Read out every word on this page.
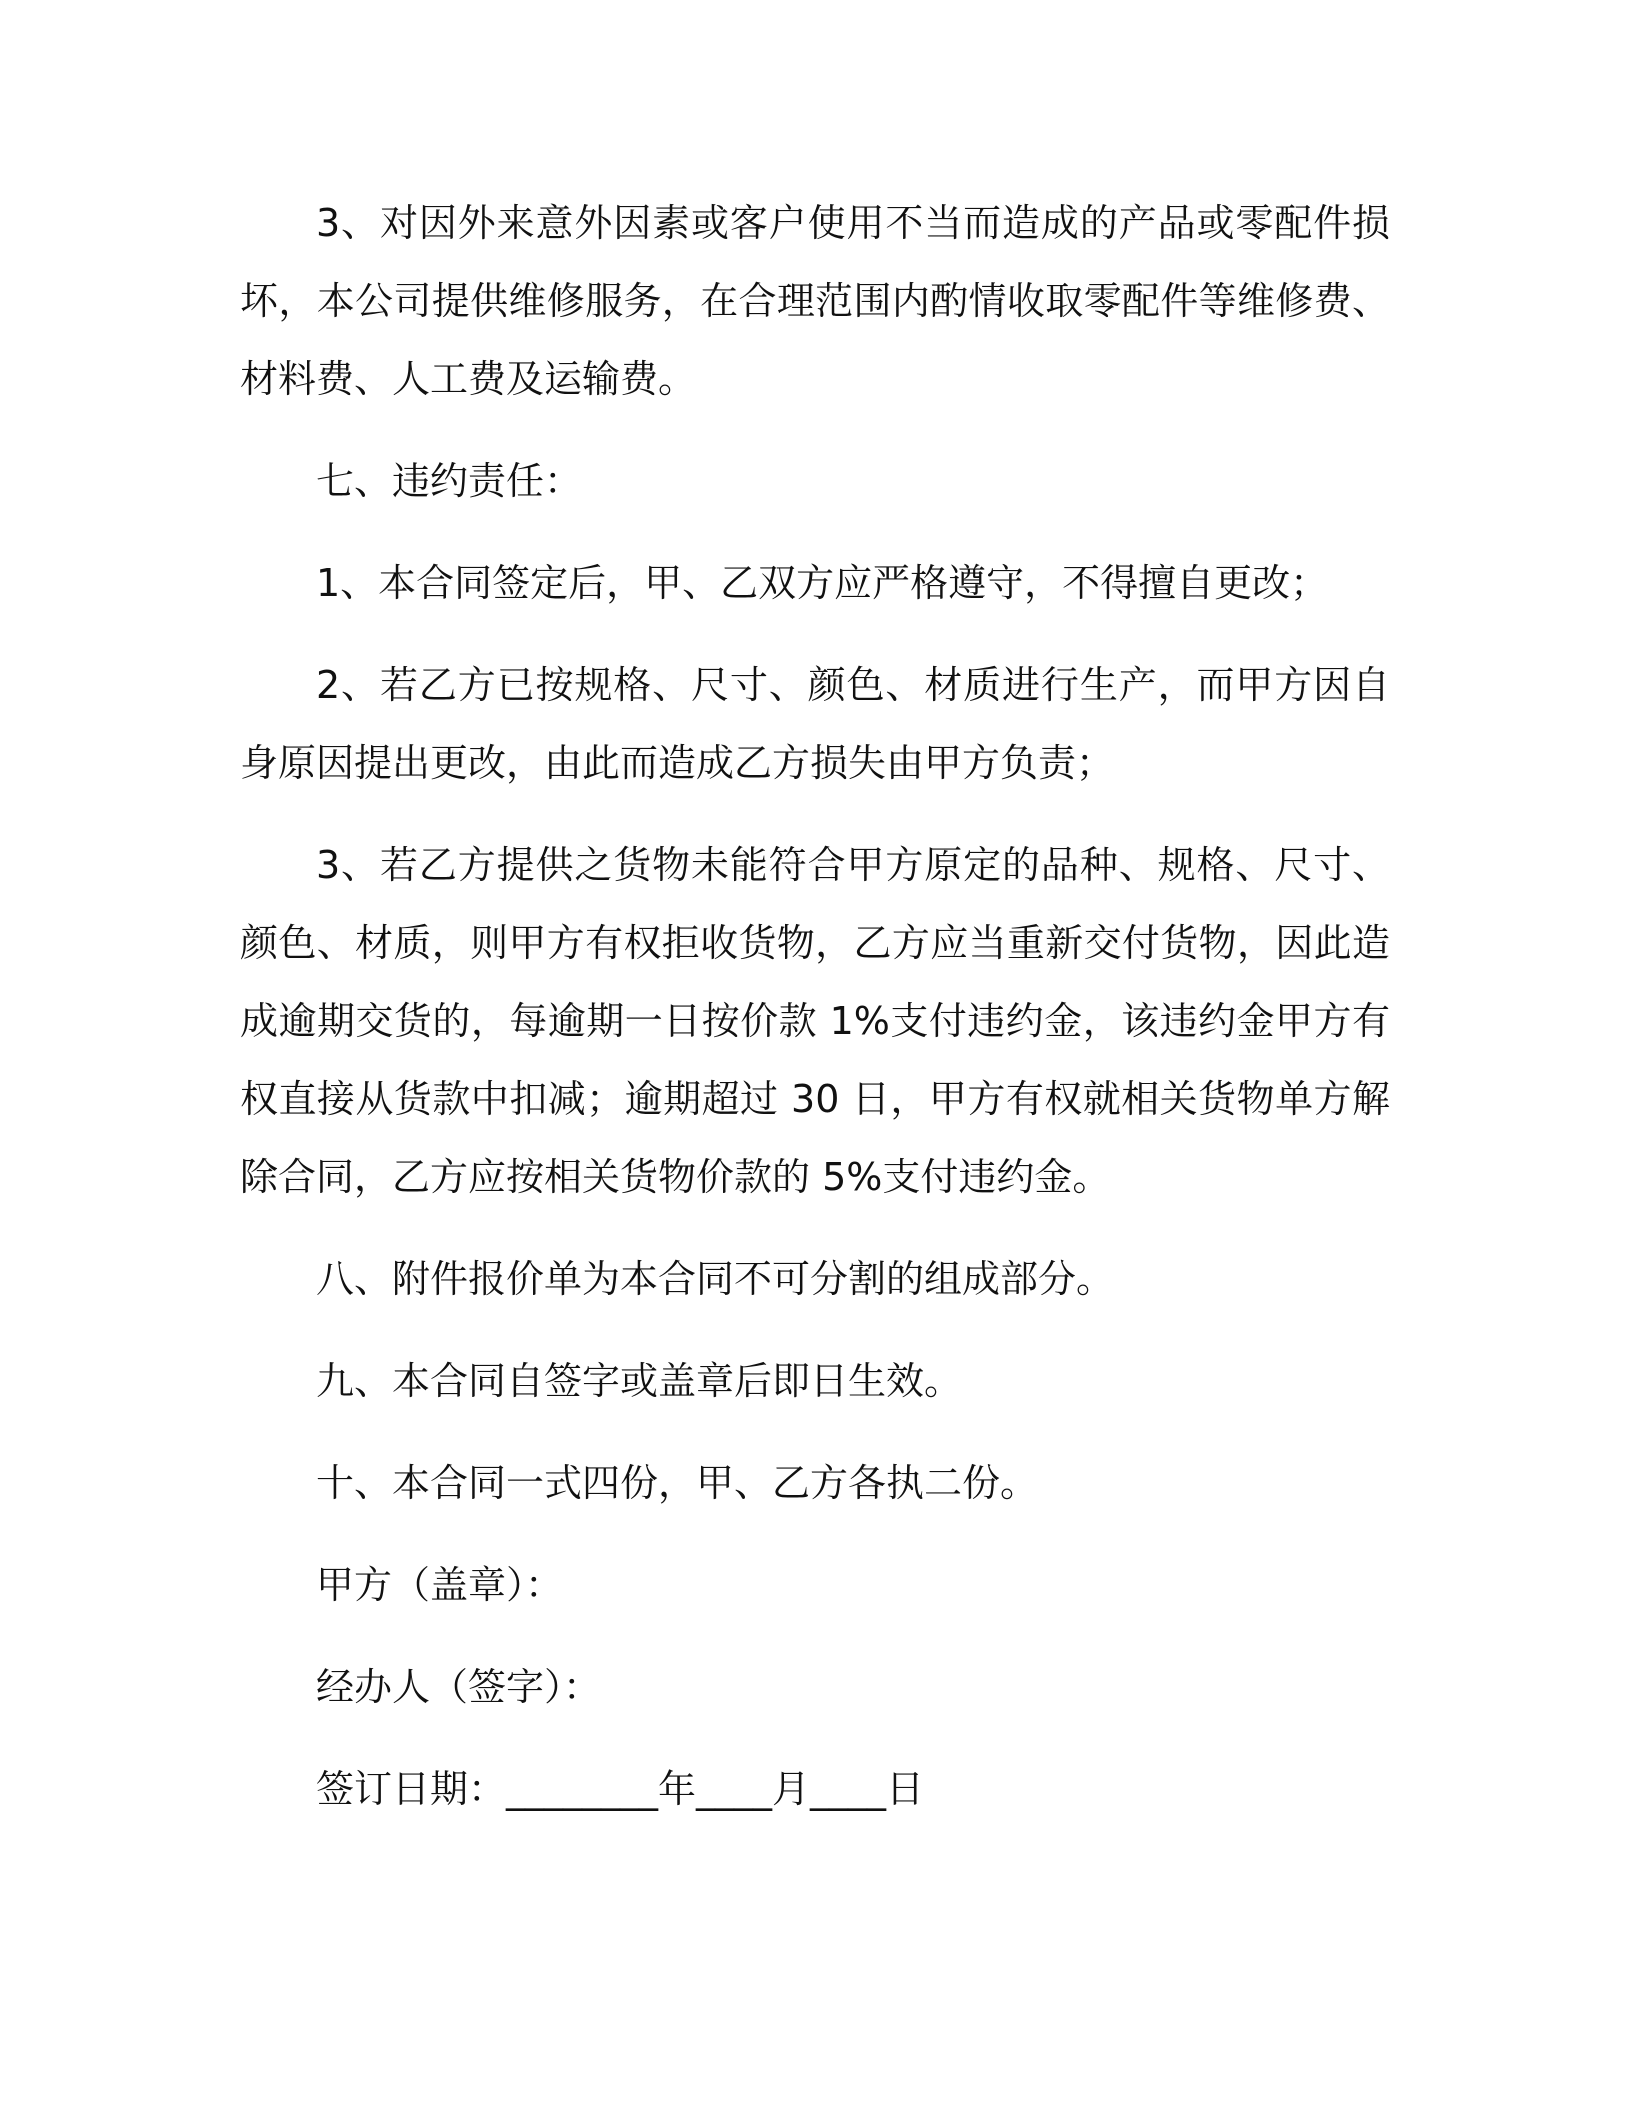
3、对因外来意外因素或客户使用不当而造成的产品或零配件损坏，本公司提供维修服务，在合理范围内酌情收取零配件等维修费、材料费、人工费及运输费。

七、违约责任：

1、本合同签定后，甲、乙双方应严格遵守，不得擅自更改；

2、若乙方已按规格、尺寸、颜色、材质进行生产，而甲方因自身原因提出更改，由此而造成乙方损失由甲方负责；

3、若乙方提供之货物未能符合甲方原定的品种、规格、尺寸、颜色、材质，则甲方有权拒收货物，乙方应当重新交付货物，因此造成逾期交货的，每逾期一日按价款 1%支付违约金，该违约金甲方有权直接从货款中扣减；逾期超过 30 日，甲方有权就相关货物单方解除合同，乙方应按相关货物价款的 5%支付违约金。

八、附件报价单为本合同不可分割的组成部分。

九、本合同自签字或盖章后即日生效。

十、本合同一式四份，甲、乙方各执二份。

甲方（盖章）：

经办人（签字）：

签订日期：________年____月____日
